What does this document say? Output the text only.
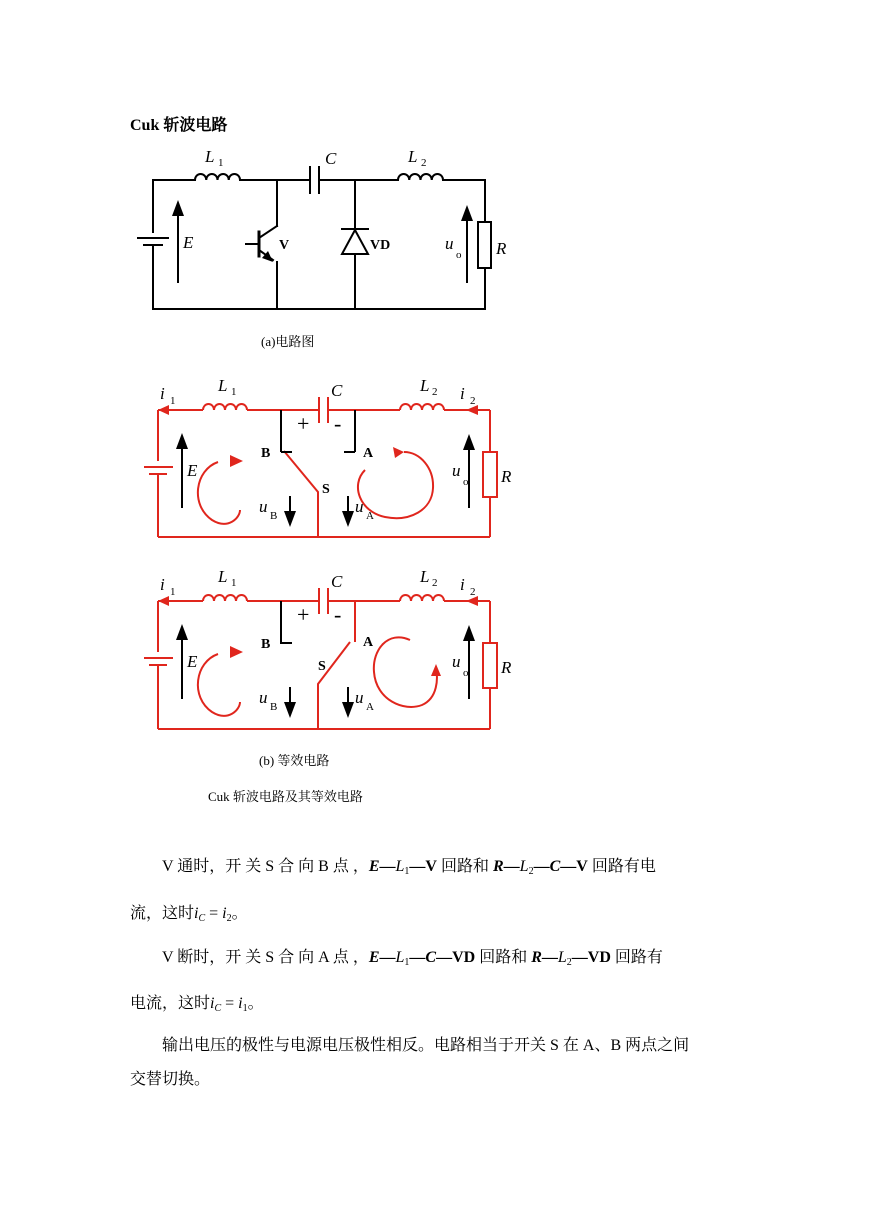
Cuk 斩波电路
L 1	C	L 2
E	V	VD	u
o R
(a)电路图
i 1
L 1	C	L 2 i 2
+ -
B	A
S
E	u
o R
u B	u A
i 1
L 1	C	L 2 i 2
+ -
B	A
S
E	u
o R
u B	u A
(b) 等效电路
Cuk 斩波电路及其等效电路
V 通时，开 关 S 合 向 B 点 ，$E—L_1—V$ 回路和 $R—L_2—C—V$ 回路有电
流，这时$i_C = i_2$。
V 断时，开 关 S 合 向 A 点 ，$E—L_1—C—VD$ 回路和 $R—L_2—VD$ 回路有
电流，这时$i_C = i_1$。
输出电压的极性与电源电压极性相反。电路相当于开关 S 在 A、B 两点之间
交替切换。
